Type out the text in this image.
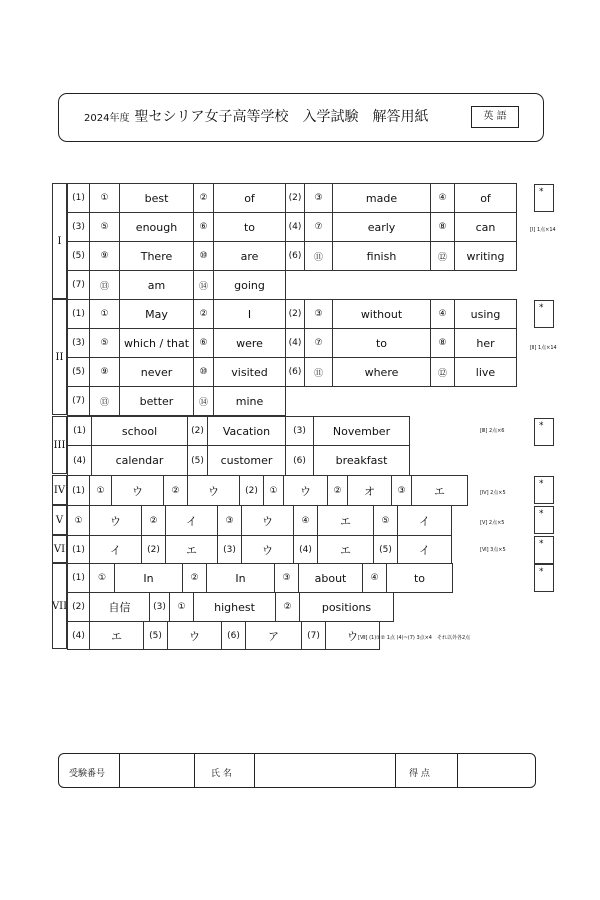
2024年度 聖セシリア女子高等学校　入学試験　解答用紙	英 語
I
(1)	①	best	②	of	(2)	③	made	④	of
(3)	⑤	enough	⑥	to	(4)	⑦	early	⑧	can
(5)	⑨	There	⑩	are	(6)	⑪	finish	⑫	writing
(7)	⑬	am	⑭	going
*
[Ⅰ] 1点×14
II
(1)	①	May	②	I	(2)	③	without	④	using
(3)	⑤	which / that	⑥	were	(4)	⑦	to	⑧	her
(5)	⑨	never	⑩	visited	(6)	⑪	where	⑫	live
(7)	⑬	better	⑭	mine
*
[Ⅱ] 1点×14
III
(1)	school	(2)	Vacation	(3)	November
(4)	calendar	(5)	customer	(6)	breakfast
*
[Ⅲ] 2点×6
IV (1)	①	ウ	②	ウ	(2)	①	ウ	②	オ	③	エ
*
[Ⅳ] 2点×5
V	①	ウ	②	イ	③	ウ	④	エ	⑤	イ
*
[Ⅴ] 2点×5
VI (1)	イ	(2)	エ	(3)	ウ	(4)	エ	(5)	イ	*
[Ⅵ] 3点×5
VII
(1)	①	In	②	In	③	about	④	to
(2)	自信	(3)	①	highest	②	positions
(4)	エ	(5)	ウ	(6)	ア	(7)	ウ
*
[Ⅶ] (1)①② 1点 (4)~(7) 3点×4　それ以外各2点
受験番号	氏 名	得 点
